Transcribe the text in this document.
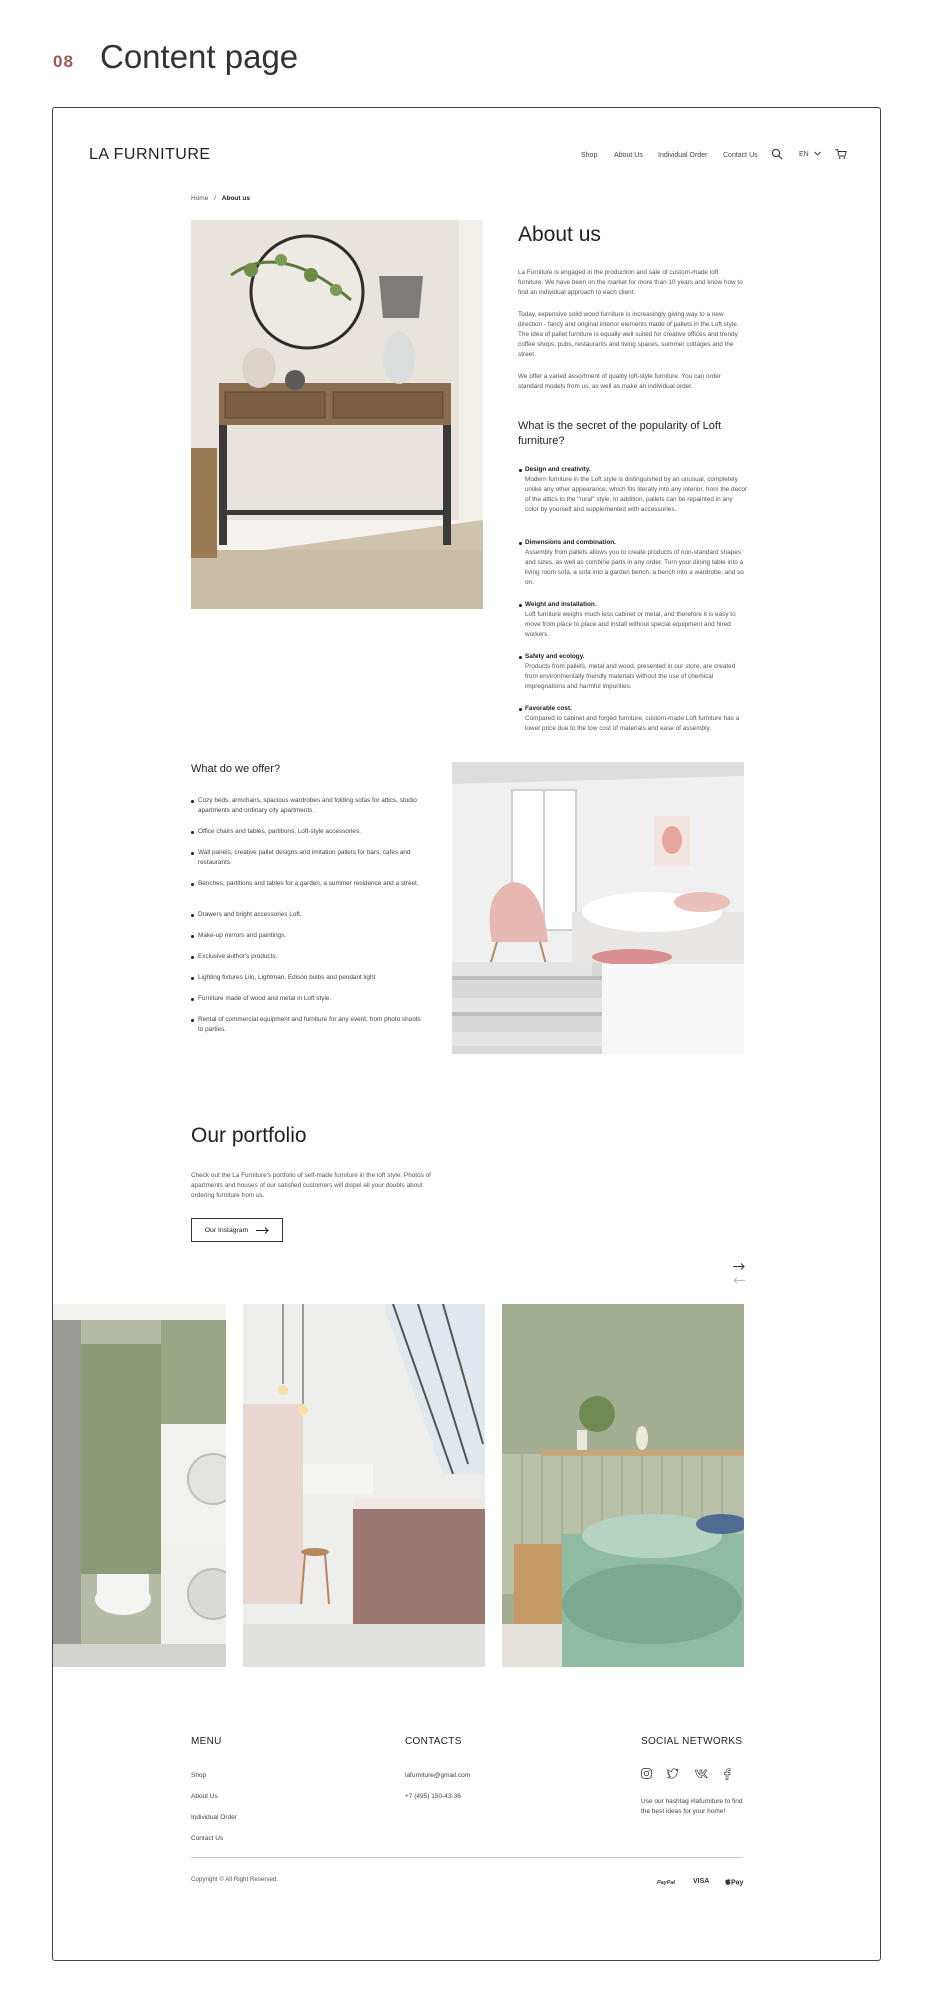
08 Content page
LA FURNITURE	Shop About Us Individual Order Contact Us	EN
Home / About us
About us
La Furniture is engaged in the production and sale of custom-made loft furniture. We have been on the market for more than 10 years and know how to find an individual approach to each client.
Today, expensive solid wood furniture is increasingly giving way to a new direction - fancy and original interior elements made of pallets in the Loft style. The idea of pallet furniture is equally well suited for creative offices and trendy coffee shops, pubs, restaurants and living spaces, summer cottages and the street.
We offer a varied assortment of quality loft-style furniture. You can order standard models from us, as well as make an individual order.
What is the secret of the popularity of Loft furniture?
Design and creativity.
Modern furniture in the Loft style is distinguished by an unusual, completely unlike any other appearance, which fits literally into any interior, from the decor of the attics to the "rural" style. In addition, pallets can be repainted in any color by yourself and supplemented with accessories.
Dimensions and combination.
Assembly from pallets allows you to create products of non-standard shapes and sizes, as well as combine parts in any order. Turn your dining table into a living room sofa, a sofa into a garden bench, a bench into a wardrobe, and so on.
Weight and installation.
Loft furniture weighs much less cabinet or metal, and therefore it is easy to move from place to place and install without special equipment and hired workers.
Safety and ecology.
Products from pallets, metal and wood, presented in our store, are created from environmentally friendly materials without the use of chemical impregnations and harmful impurities.
Favorable cost.
Compared to cabinet and forged furniture, custom-made Loft furniture has a lower price due to the low cost of materials and ease of assembly.
What do we offer?
Cozy beds, armchairs, spacious wardrobes and folding sofas for attics, studio apartments and ordinary city apartments.
Office chairs and tables, partitions, Loft-style accessories.
Wall panels, creative pallet designs and imitation pallets for bars, cafes and restaurants.
Benches, partitions and tables for a garden, a summer residence and a street.
Drawers and bright accessories Loft.
Make-up mirrors and paintings.
Exclusive author's products.
Lighting fixtures Lilo, Lightman, Edison bulbs and pendant light
Furniture made of wood and metal in Loft style.
Rental of commercial equipment and furniture for any event, from photo shoots to parties.
Our portfolio
Check out the La Furniture's portfolio of self-made furniture in the loft style. Photos of apartments and houses of our satisfied customers will dispel all your doubts about ordering furniture from us.
Our Instagram
MENU
Shop
About Us
Individual Order
Contact Us
CONTACTS
lafurniture@gmail.com
+7 (495) 150-43-36
SOCIAL NETWORKS
Use our hashtag #lafurniture to find the best ideas for your home!
Copyright © All Right Reserved.	PayPal	VISA	Pay
